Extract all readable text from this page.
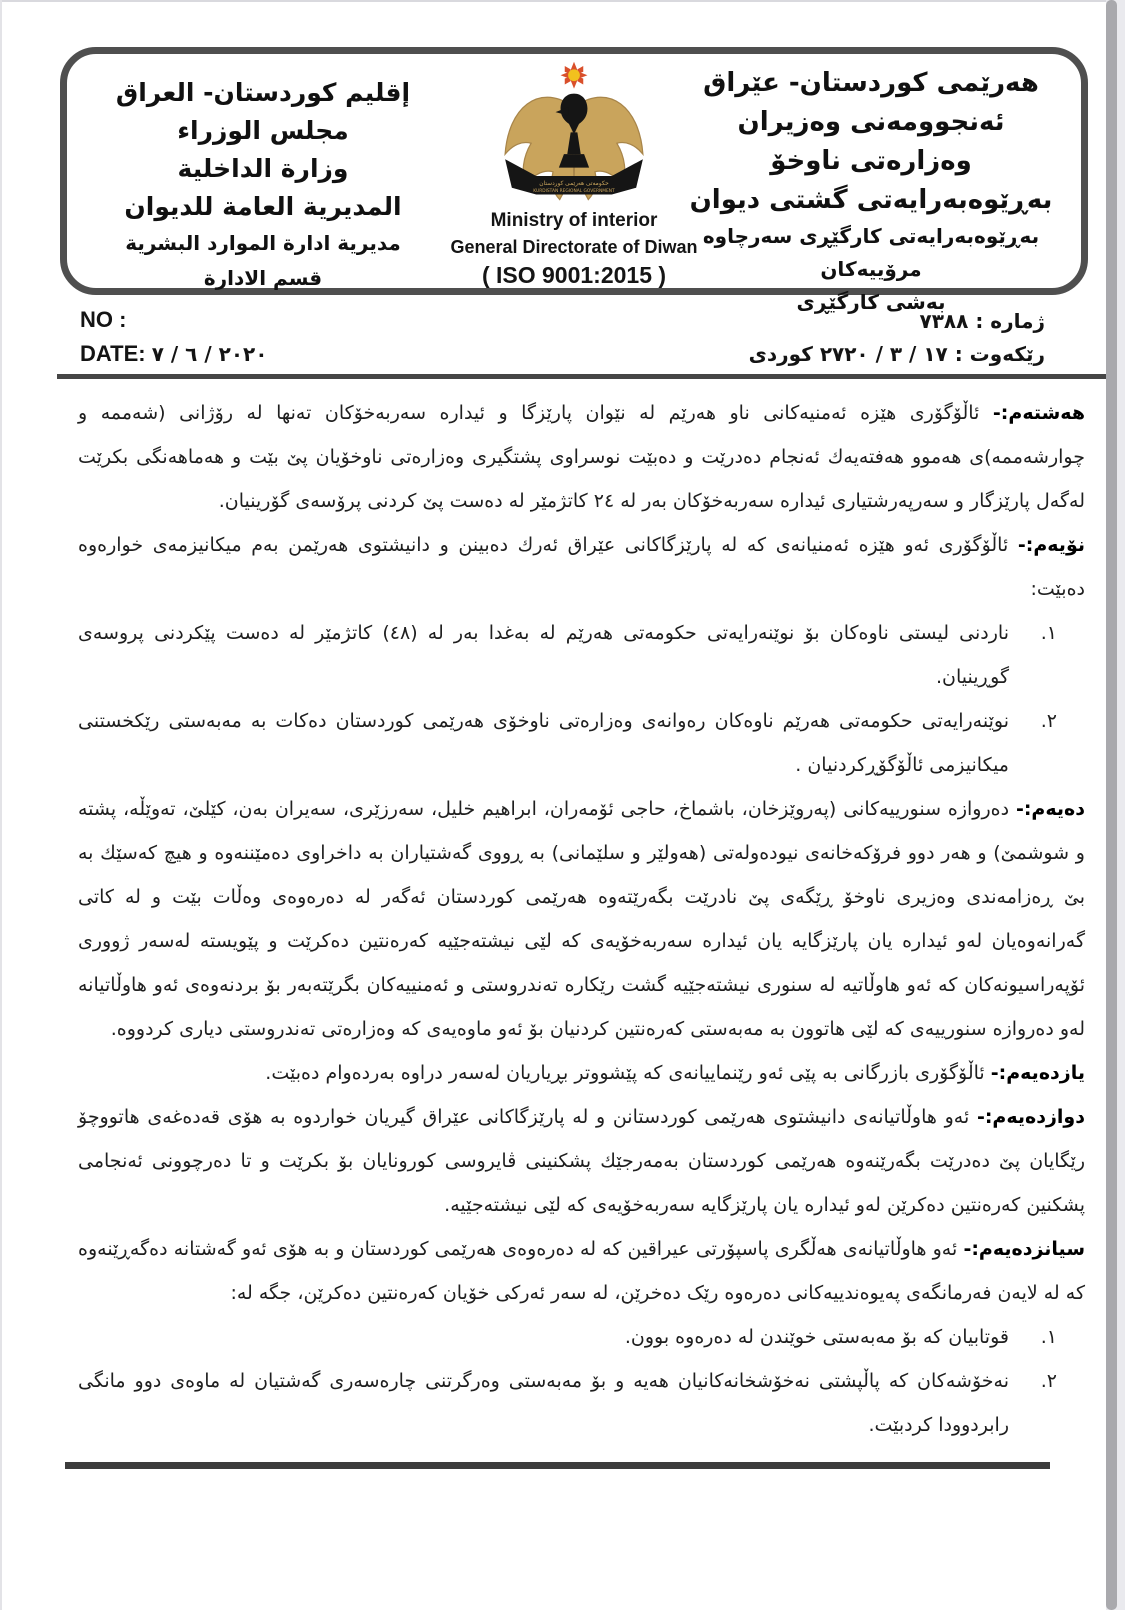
هەرێمی کوردستان- عێراق
ئەنجوومەنی وەزیران
وەزارەتی ناوخۆ
بەڕێوەبەرایەتی گشتی دیوان
بەڕێوەبەرایەتی کارگێڕی سەرچاوە مرۆییەکان
بەشی کارگێڕی
إقليم كوردستان- العراق
مجلس الوزراء
وزارة الداخلية
المديرية العامة للديوان
مديرية ادارة الموارد البشرية
قسم الادارة
حکومەتی هەرێمی کوردستان
KURDISTAN REGIONAL GOVERNMENT
Ministry of interior
General Directorate of Diwan
( ISO 9001:2015 )
NO :
DATE: ٢٠٢٠ / ٦ / ٧
ژماره : ٧٣٨٨
رێکەوت : ١٧ / ٣ / ٢٧٢٠ کوردی

هەشتەم:- ئاڵۆگۆری هێزه ئەمنیەکانی ناو هەرێم له نێوان پارێزگا و ئیداره سەربەخۆکان تەنها له رۆژانی (شەممه و چوارشەممه)ی هەموو هەفتەیەك ئەنجام دەدرێت و دەبێت نوسراوی پشتگیری وەزارەتی ناوخۆیان پێ بێت و هەماهەنگی بکرێت لەگەل پارێزگار و سەرپەرشتیاری ئیداره سەربەخۆکان بەر له ٢٤ کاتژمێر له دەست پێ کردنی پرۆسەی گۆرینیان.

نۆیەم:- ئاڵۆگۆری ئەو هێزه ئەمنیانەی که له پارێزگاکانی عێراق ئەرك دەبینن و دانیشتوی هەرێمن بەم میکانیزمەی خوارەوه دەبێت:

١.
ناردنی لیستی ناوەکان بۆ نوێنەرایەتی حکومەتی هەرێم له بەغدا بەر له (٤٨) کاتژمێر له دەست پێکردنی پروسەی گوڕینیان.
٢.
نوێنەرایەتی حکومەتی هەرێم ناوەکان رەوانەی وەزارەتی ناوخۆی هەرێمی کوردستان دەکات به مەبەستی رێکخستنی میکانیزمی ئاڵۆگۆڕکردنیان .

دەیەم:- دەروازه سنورییەکانی (پەروێزخان، باشماخ، حاجی ئۆمەران، ابراهیم خلیل، سەرزێری، سەیران بەن، کێلێ، تەوێڵه، پشته و شوشمێ) و هەر دوو فرۆکەخانەی نیودەولەتی (هەولێر و سلێمانی) به ڕووی گەشتیاران به داخراوی دەمێننەوه و هیچ کەسێك به بێ ڕەزامەندی وەزیری ناوخۆ ڕێگەی پێ نادرێت بگەرێتەوه هەرێمی کوردستان ئەگەر له دەرەوەی وەڵات بێت و له کاتی گەرانەوەیان لەو ئیداره یان پارێزگایه یان ئیداره سەربەخۆیەی که لێی نیشتەجێیه کەرەنتین دەکرێت و پێویسته لەسەر ژووری ئۆپەراسیونەکان که ئەو هاوڵاتیه له سنوری نیشتەجێیه گشت رێکاره تەندروستی و ئەمنییەکان بگرێتەبەر بۆ بردنەوەی ئەو هاوڵاتیانه لەو دەروازه سنورییەی که لێی هاتوون به مەبەستی کەرەنتین کردنیان بۆ ئەو ماوەیەی که وەزارەتی تەندروستی دیاری کردووه.

یازدەیەم:- ئاڵۆگۆری بازرگانی به پێی ئەو رێنماییانەی که پێشووتر بڕیاریان لەسەر دراوه بەردەوام دەبێت.

دوازدەیەم:- ئەو هاوڵاتیانەی دانیشتوی هەرێمی کوردستانن و له پارێزگاکانی عێراق گیریان خواردوه به هۆی قەدەغەی هاتووچۆ رێگایان پێ دەدرێت بگەرێنەوه هەرێمی کوردستان بەمەرجێك پشکنینی ڤایروسی کورونایان بۆ بکرێت و تا دەرچوونی ئەنجامی پشکنین کەرەنتین دەکرێن لەو ئیداره یان پارێزگایه سەربەخۆیەی که لێی نیشتەجێیه.

سیانزدەیەم:- ئەو هاوڵاتیانەی هەڵگری پاسپۆرتی عیراقین که له دەرەوەی هەرێمی کوردستان و به هۆی ئەو گەشتانه دەگەڕێنەوه که له لایەن فەرمانگەی پەیوەندییەکانی دەرەوه رێک دەخرێن، له سەر ئەرکی خۆیان کەرەنتین دەکرێن، جگه له:

١.
قوتابیان که بۆ مەبەستی خوێندن له دەرەوه بوون.
٢.
نەخۆشەکان که پاڵپشتی نەخۆشخانەکانیان هەیه و بۆ مەبەستی وەرگرتنی چارەسەری گەشتیان له ماوەی دوو مانگی رابردوودا کردبێت.
